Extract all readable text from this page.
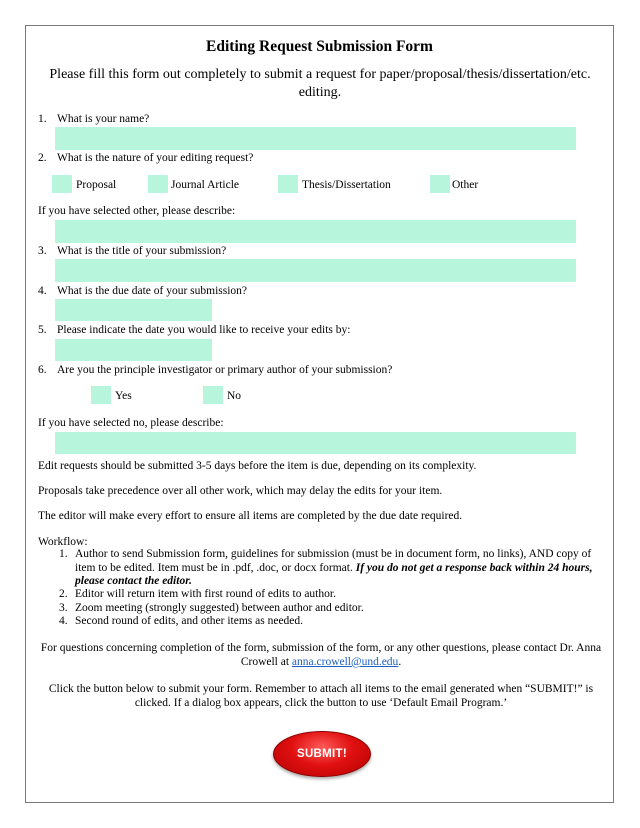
Editing Request Submission Form
Please fill this form out completely to submit a request for paper/proposal/thesis/dissertation/etc. editing.
1. What is your name?
2. What is the nature of your editing request?
Proposal	Journal Article	Thesis/Dissertation	Other
If you have selected other, please describe:
3. What is the title of your submission?
4. What is the due date of your submission?
5. Please indicate the date you would like to receive your edits by:
6. Are you the principle investigator or primary author of your submission?
Yes	No
If you have selected no, please describe:
Edit requests should be submitted 3-5 days before the item is due, depending on its complexity.
Proposals take precedence over all other work, which may delay the edits for your item.
The editor will make every effort to ensure all items are completed by the due date required.
Workflow:
1. Author to send Submission form, guidelines for submission (must be in document form, no links), AND copy of item to be edited. Item must be in .pdf, .doc, or docx format. If you do not get a response back within 24 hours, please contact the editor.
2. Editor will return item with first round of edits to author.
3. Zoom meeting (strongly suggested) between author and editor.
4. Second round of edits, and other items as needed.
For questions concerning completion of the form, submission of the form, or any other questions, please contact Dr. Anna Crowell at anna.crowell@und.edu.
Click the button below to submit your form. Remember to attach all items to the email generated when “SUBMIT!” is clicked. If a dialog box appears, click the button to use ‘Default Email Program.’
SUBMIT!
